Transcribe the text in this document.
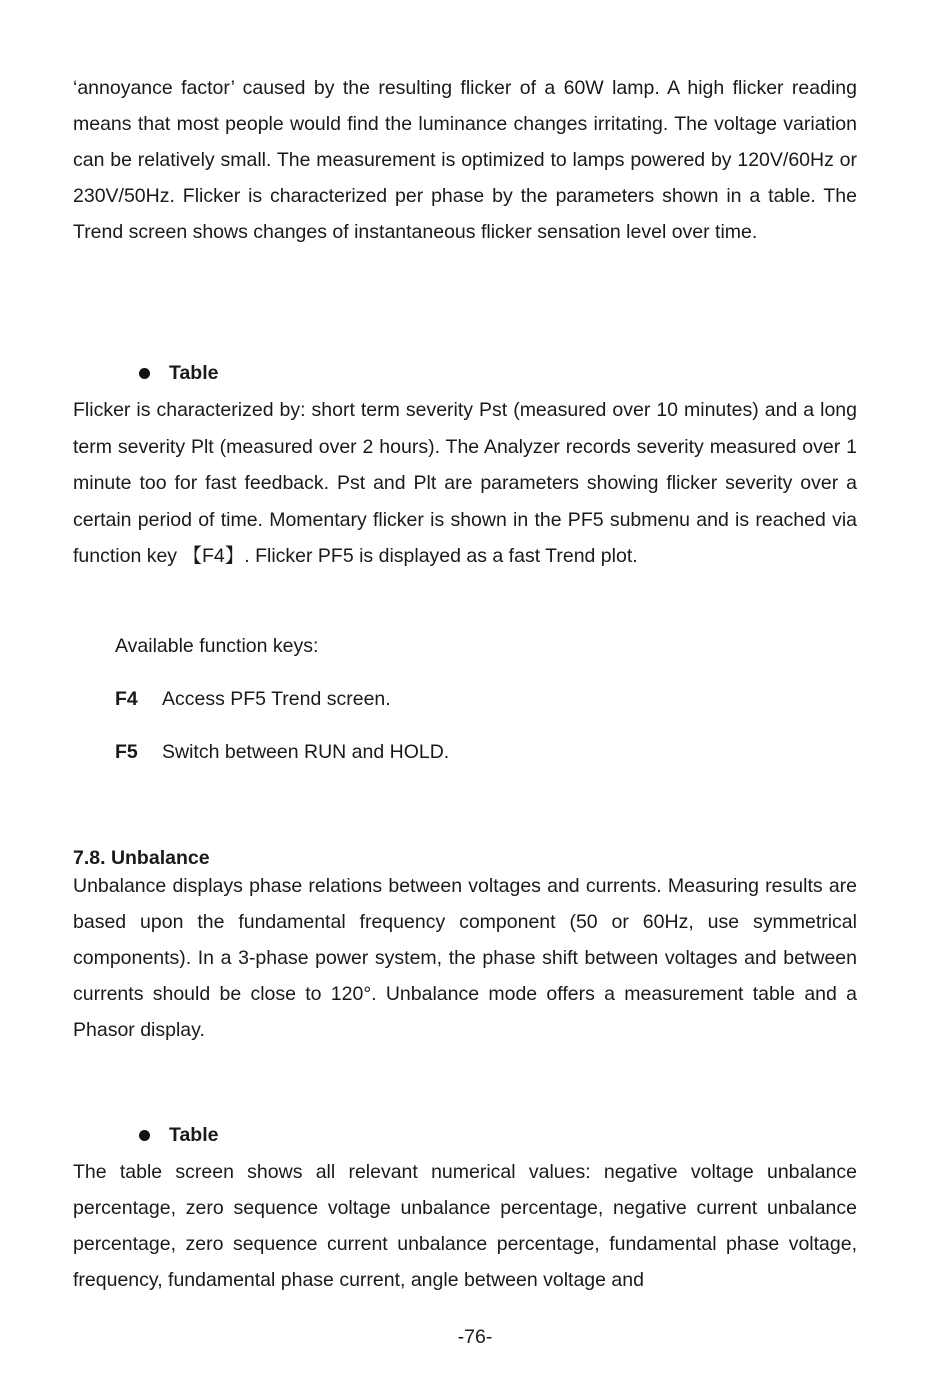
‘annoyance factor’ caused by the resulting flicker of a 60W lamp. A high flicker reading means that most people would find the luminance changes irritating. The voltage variation can be relatively small. The measurement is optimized to lamps powered by 120V/60Hz or 230V/50Hz. Flicker is characterized per phase by the parameters shown in a table. The Trend screen shows changes of instantaneous flicker sensation level over time.

Table

Flicker is characterized by: short term severity Pst (measured over 10 minutes) and a long term severity Plt (measured over 2 hours). The Analyzer records severity measured over 1 minute too for fast feedback. Pst and Plt are parameters showing flicker severity over a certain period of time. Momentary flicker is shown in the PF5 submenu and is reached via function key 【F4】. Flicker PF5 is displayed as a fast Trend plot.

Available function keys:
F4 Access PF5 Trend screen.
F5 Switch between RUN and HOLD.
7.8. Unbalance

Unbalance displays phase relations between voltages and currents. Measuring results are based upon the fundamental frequency component (50 or 60Hz, use symmetrical components). In a 3-phase power system, the phase shift between voltages and between currents should be close to 120°. Unbalance mode offers a measurement table and a Phasor display.

Table

The table screen shows all relevant numerical values: negative voltage unbalance percentage, zero sequence voltage unbalance percentage, negative current unbalance percentage, zero sequence current unbalance percentage, fundamental phase voltage, frequency, fundamental phase current, angle between voltage and

-76-
